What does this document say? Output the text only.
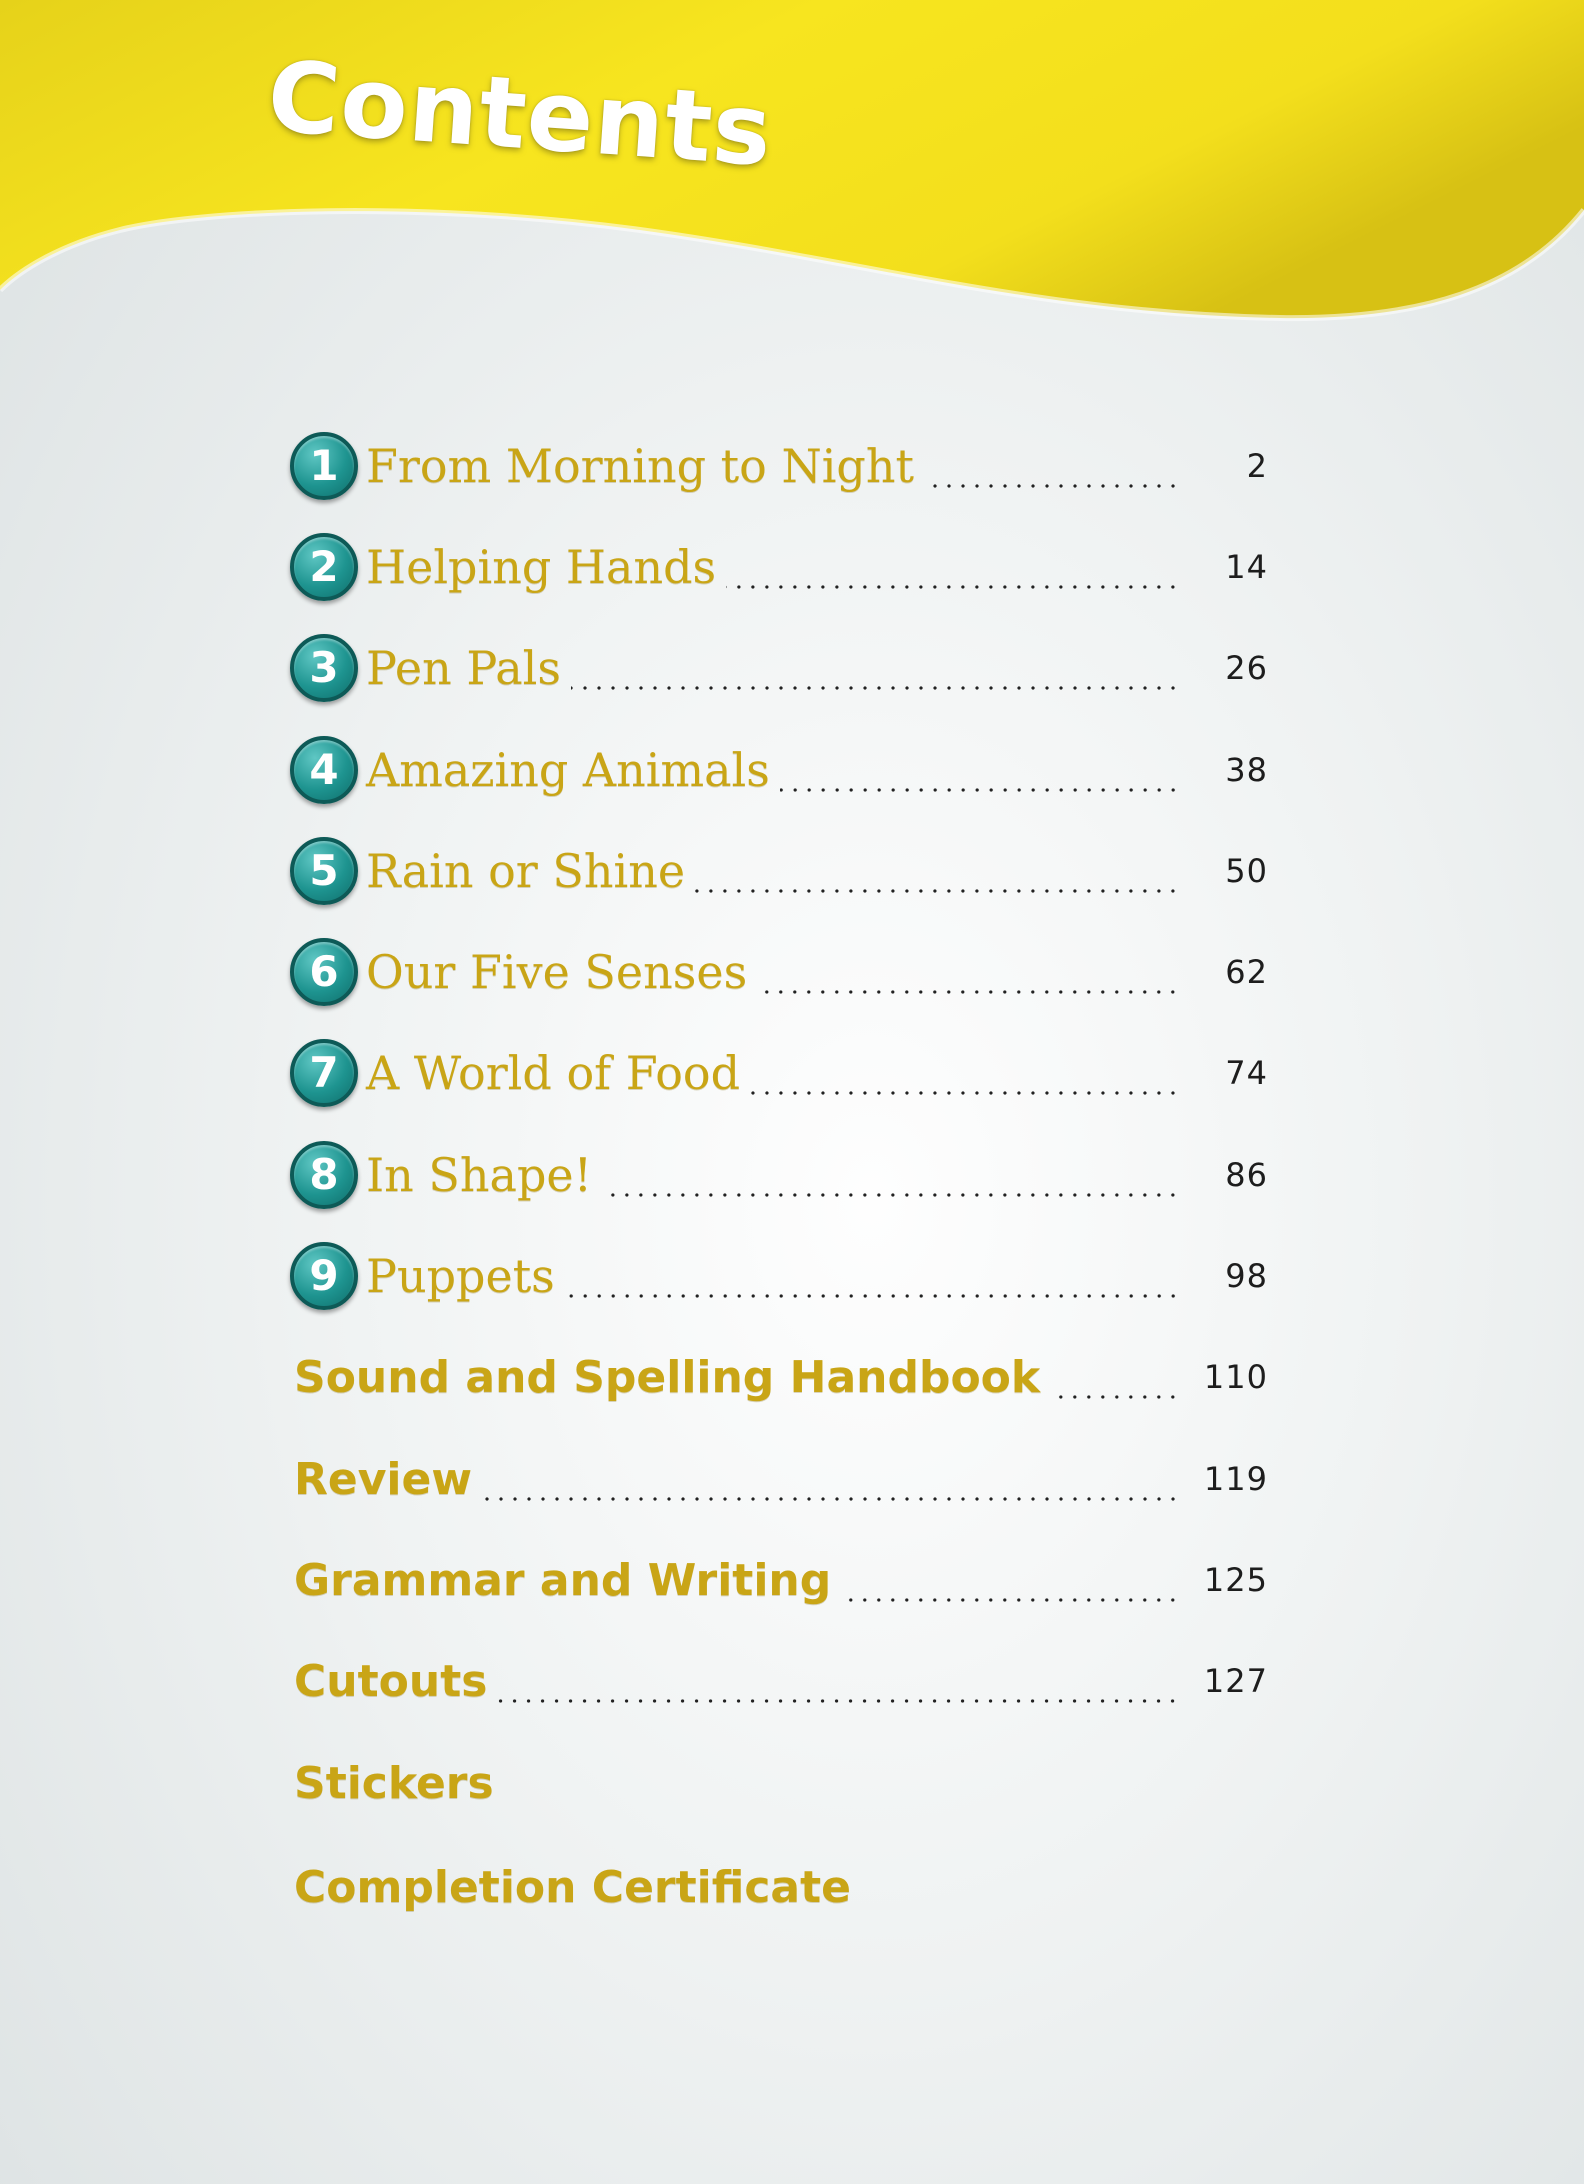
Contents
1 From Morning to Night	2
2 Helping Hands	14
3 Pen Pals	26
4 Amazing Animals	38
5 Rain or Shine	50
6 Our Five Senses	62
7 A World of Food	74
8 In Shape!	86
9 Puppets	98
Sound and Spelling Handbook	110
Review	119
Grammar and Writing	125
Cutouts	127
Stickers
Completion Certificate
